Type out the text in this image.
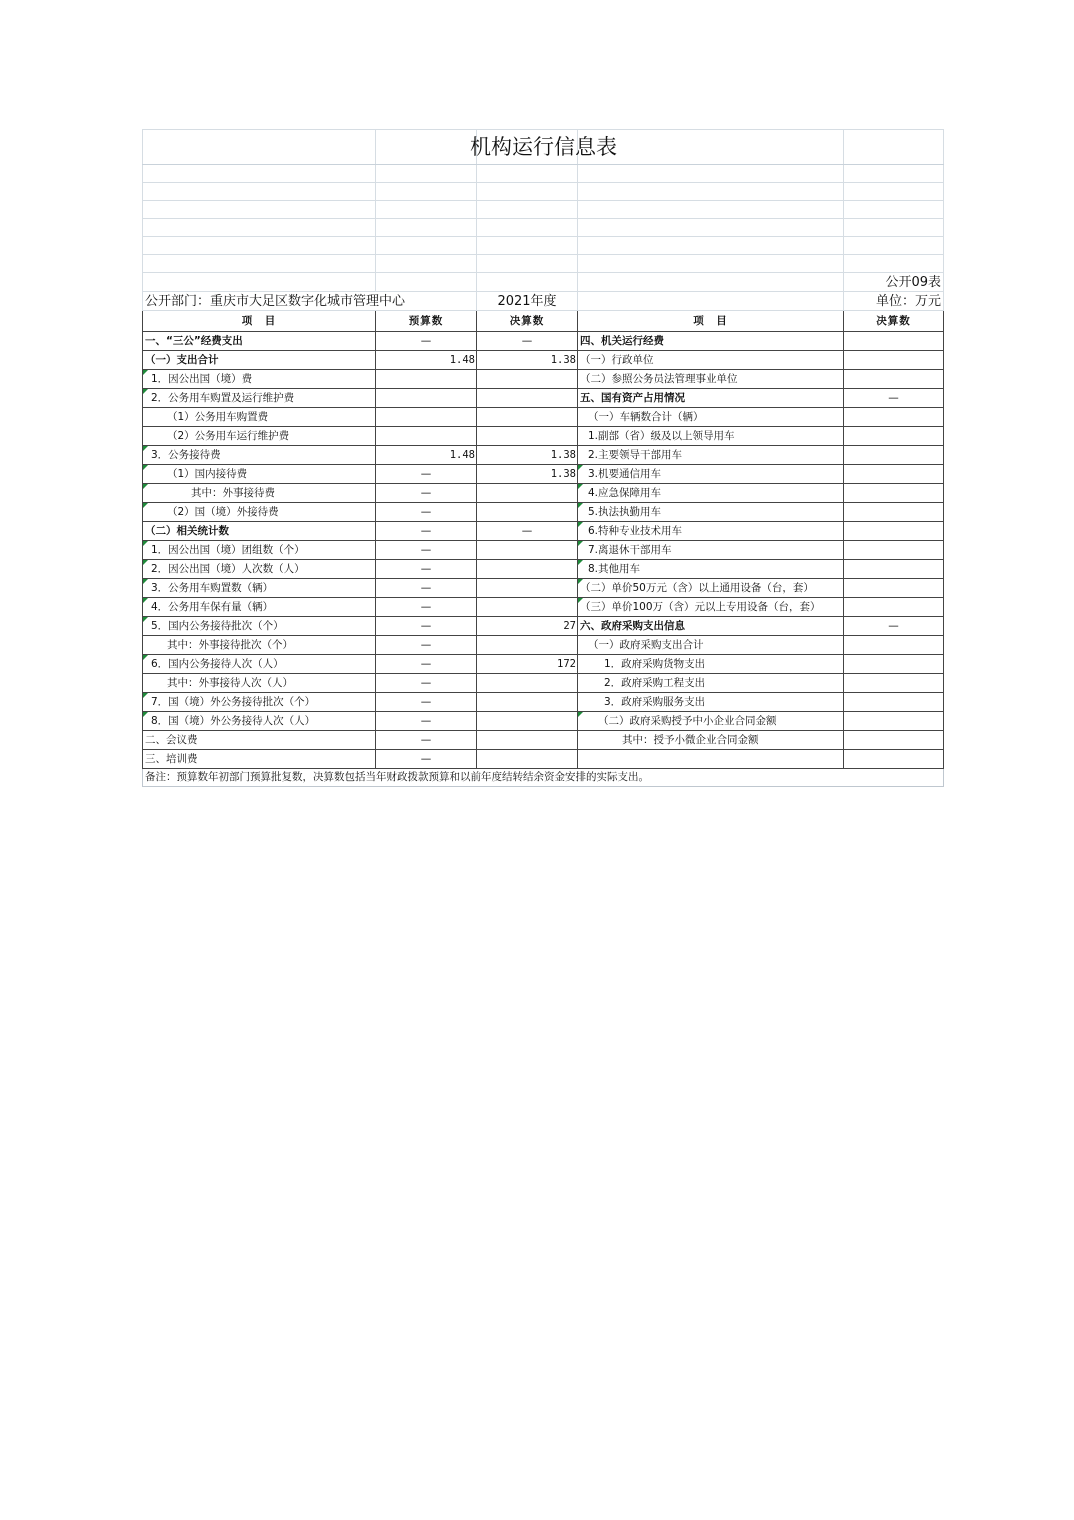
机构运行信息表				

				公开09表
公开部门：重庆市大足区数字化城市管理中心		2021年度		单位：万元
项　目	预算数	决算数	项　目	决算数
一、“三公”经费支出	—	—	四、机关运行经费	
（一）支出合计	1.48	1.38	（一）行政单位	
1．因公出国（境）费			（二）参照公务员法管理事业单位	
2．公务用车购置及运行维护费			五、国有资产占用情况	—
（1）公务用车购置费			（一）车辆数合计（辆）	
（2）公务用车运行维护费			1.副部（省）级及以上领导用车	
3．公务接待费	1.48	1.38	2.主要领导干部用车	
（1）国内接待费	—	1.38	3.机要通信用车	
其中：外事接待费	—		4.应急保障用车	
（2）国（境）外接待费	—		5.执法执勤用车	
（二）相关统计数	—	—	6.特种专业技术用车	
1．因公出国（境）团组数（个）	—		7.离退休干部用车	
2．因公出国（境）人次数（人）	—		8.其他用车	
3．公务用车购置数（辆）	—		（二）单价50万元（含）以上通用设备（台，套）	
4．公务用车保有量（辆）	—		（三）单价100万（含）元以上专用设备（台，套）	
5．国内公务接待批次（个）	—	27	六、政府采购支出信息	—
其中：外事接待批次（个）	—		（一）政府采购支出合计	
6．国内公务接待人次（人）	—	172	1．政府采购货物支出	
其中：外事接待人次（人）	—		2．政府采购工程支出	
7．国（境）外公务接待批次（个）	—		3．政府采购服务支出	
8．国（境）外公务接待人次（人）	—		（二）政府采购授予中小企业合同金额	
二、会议费	—		其中：授予小微企业合同金额	
三、培训费	—			
备注：预算数年初部门预算批复数，决算数包括当年财政拨款预算和以前年度结转结余资金安排的实际支出。				
